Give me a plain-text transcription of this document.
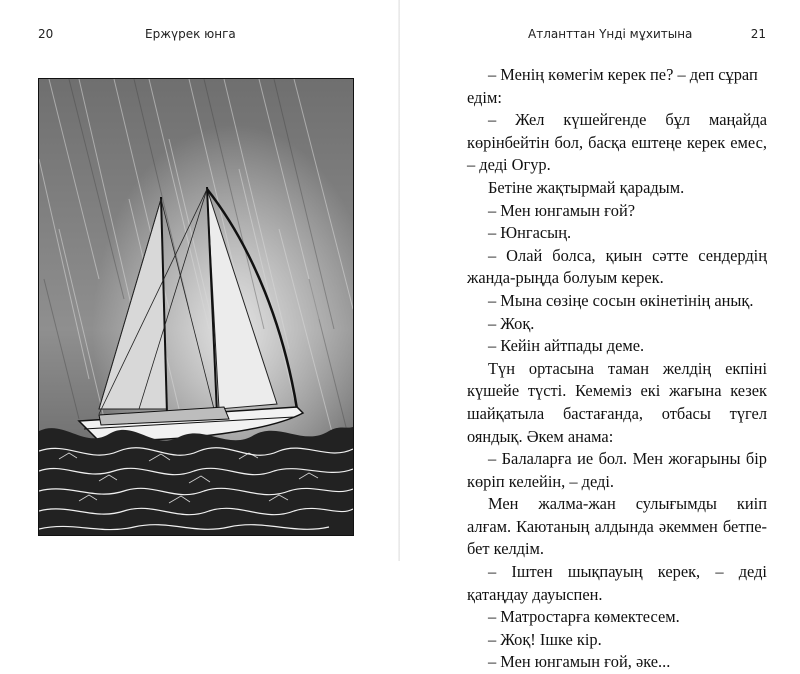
20	Ержүрек юнга	Атланттан Үнді мұхитына	21

– Менің көмегім керек пе? – деп сұрап едім:

– Жел күшейгенде бұл маңайда көрінбейтін бол, басқа ештеңе керек емес, – деді Огур.

Бетіне жақтырмай қарадым.

– Мен юнгамын ғой?

– Юнгасың.

– Олай болса, қиын сәтте сендердің жанда-рыңда болуым керек.

– Мына сөзіңе сосын өкінетінің анық.

– Жоқ.

– Кейін айтпады деме.

Түн ортасына таман желдің екпіні күшейе түсті. Кемеміз екі жағына кезек шайқатыла бастағанда, отбасы түгел ояндық. Әкем анама:

– Балаларға ие бол. Мен жоғарыны бір көріп келейін, – деді.

Мен жалма-жан сулығымды киіп алғам. Каютаның алдында әкеммен бетпе-бет келдім.

– Іштен шықпауың керек, – деді қатаңдау дауыспен.

– Матростарға көмектесем.

– Жоқ! Ішке кір.

– Мен юнгамын ғой, әке...
